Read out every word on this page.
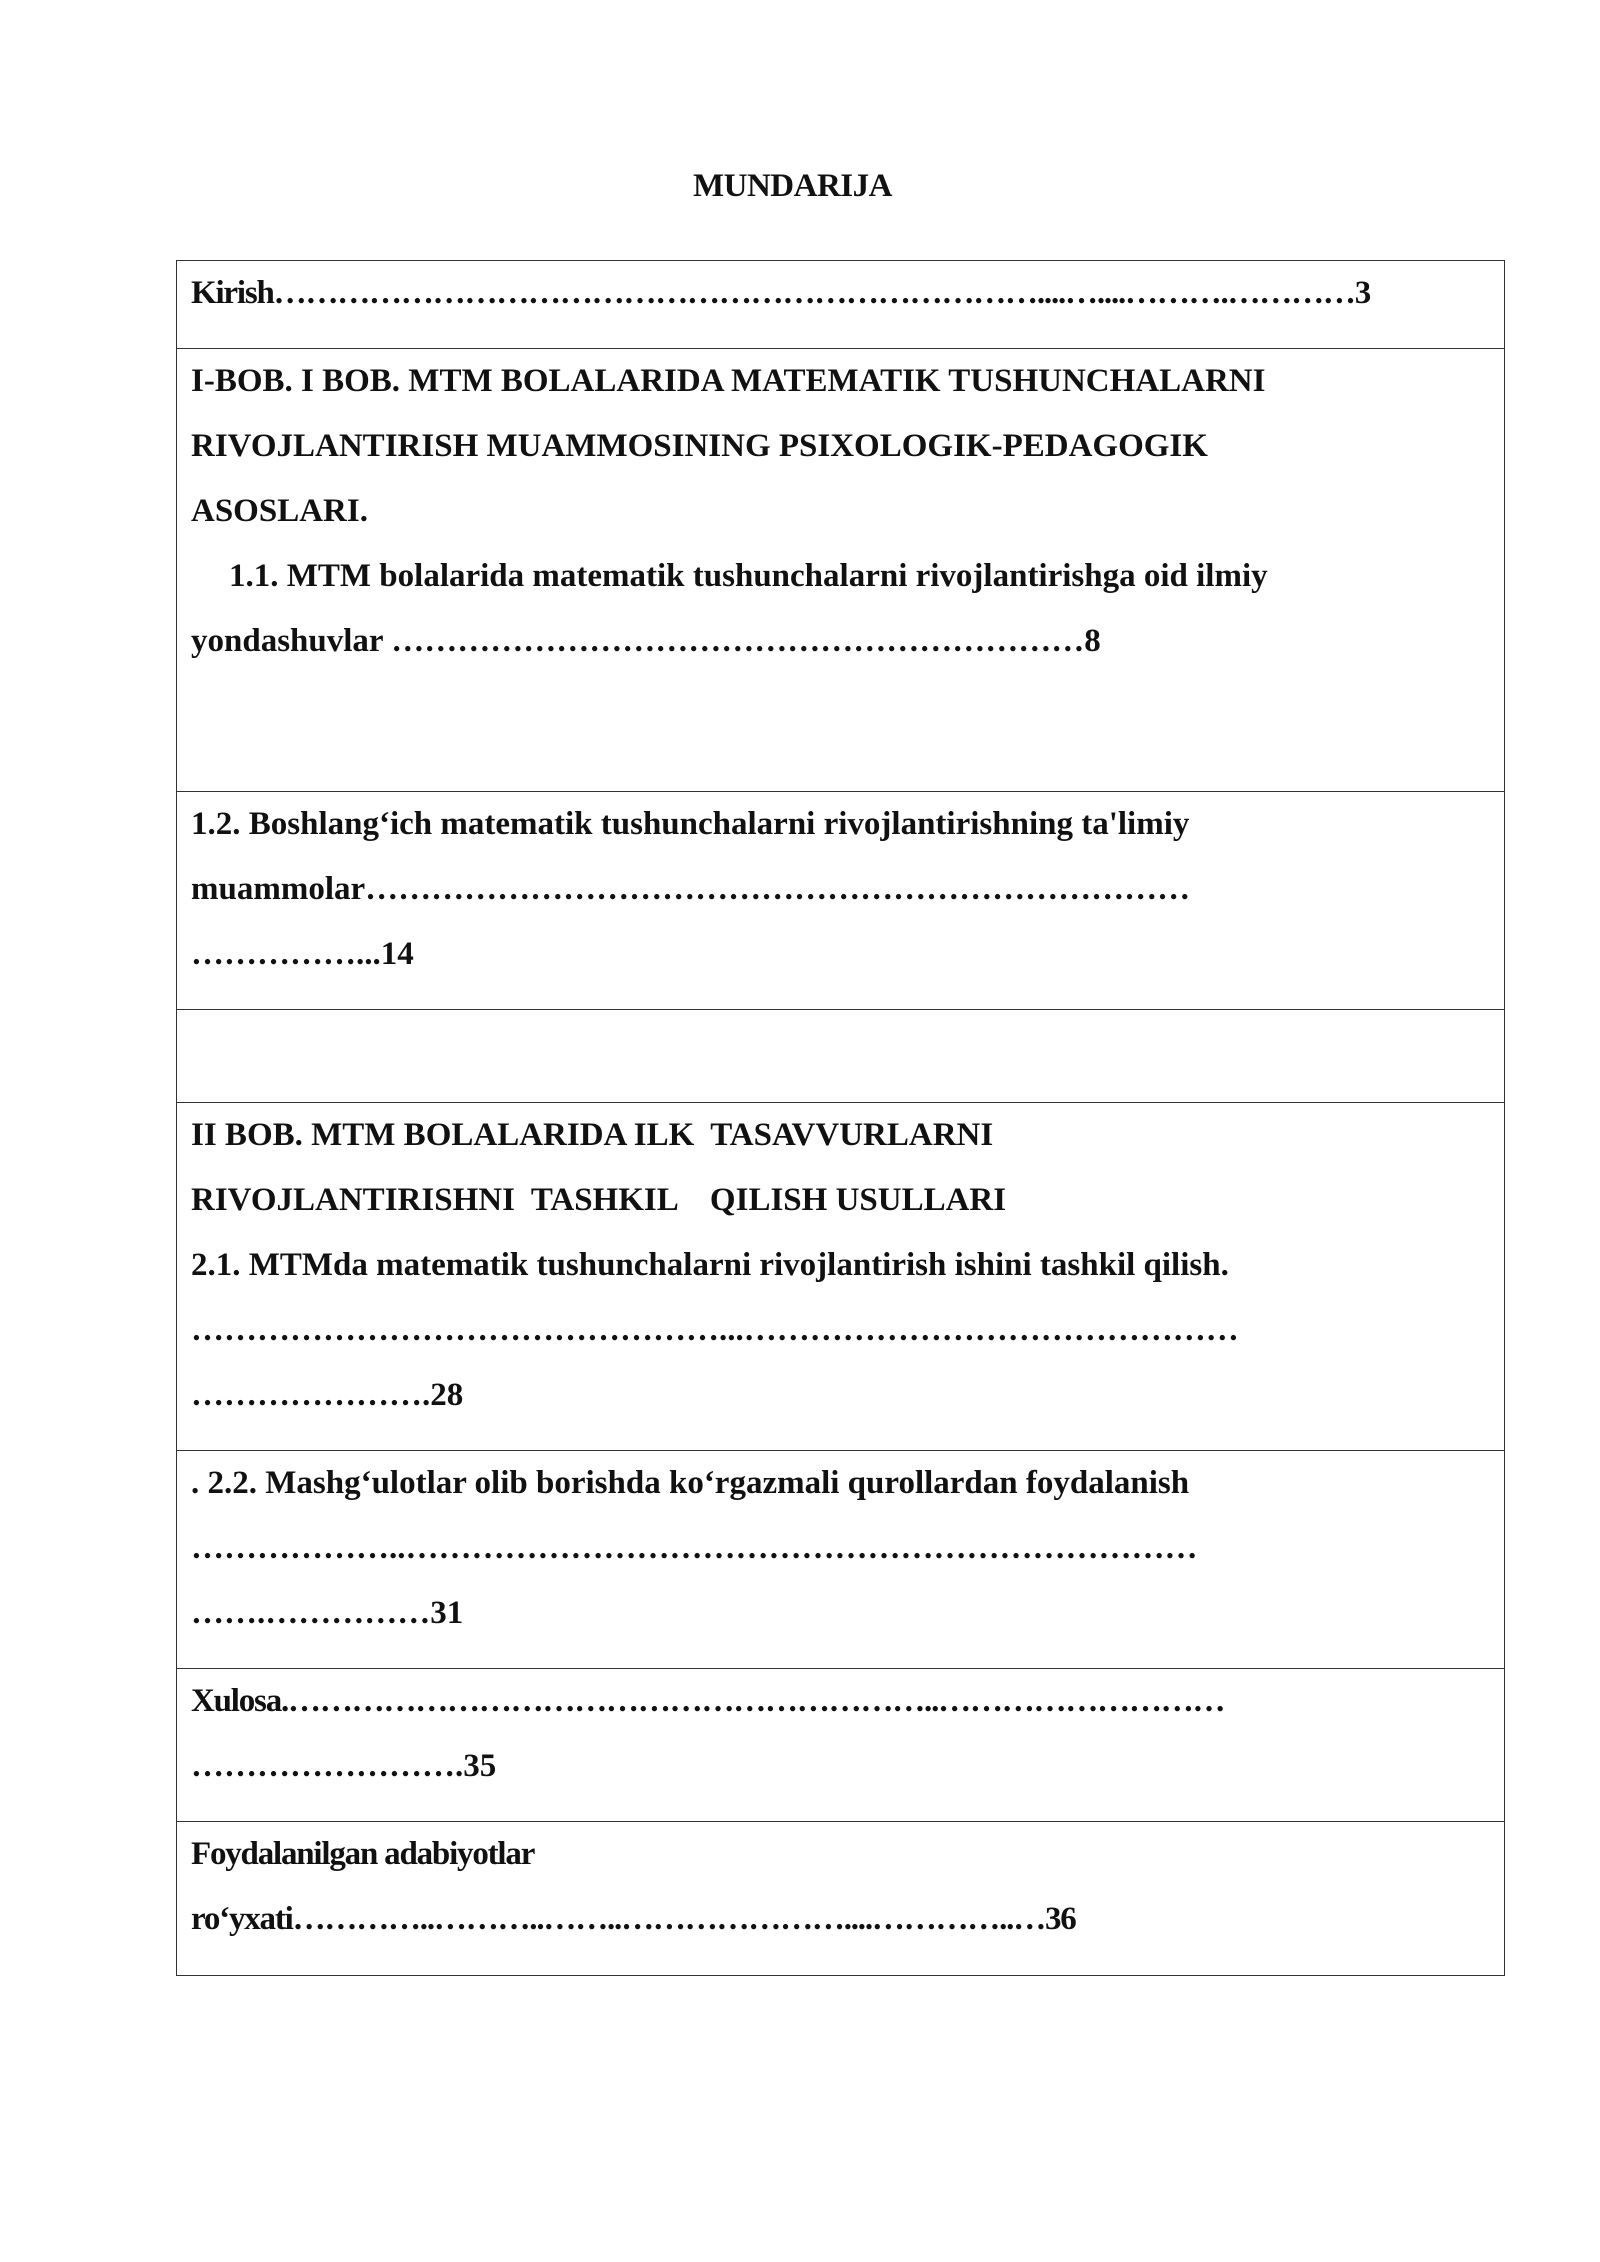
MUNDARIJA
Kirish………………………………………………………………....…....……….…………3
I-BOB. I BOB. MTM BOLALARIDA MATEMATIK TUSHUNCHALARNI
RIVOJLANTIRISH MUAMMOSINING PSIXOLOGIK-PEDAGOGIK
ASOSLARI.
1.1. MTM bolalarida matematik tushunchalarni rivojlantirishga oid ilmiy
yondashuvlar ………………………………………………………8
1.2. Boshlang‘ich matematik tushunchalarni rivojlantirishning ta'limiy
muammolar…………………………………………………………………
……………...14
II BOB. MTM BOLALARIDA ILK  TASAVVURLARNI
RIVOJLANTIRISHNI  TASHKIL    QILISH USULLARI
2.1. MTMda matematik tushunchalarni rivojlantirish ishini tashkil qilish.
…………………………………………...………………………………………
………………….28
. 2.2. Mashg‘ulotlar olib borishda ko‘rgazmali qurollardan foydalanish
………………..………………………………………………………………
…….……………31
Xulosa.……………………………………………………..………………………
…………………….35
Foydalanilgan adabiyotlar
ro‘yxati…………..………..……..…………………....…………..…36
